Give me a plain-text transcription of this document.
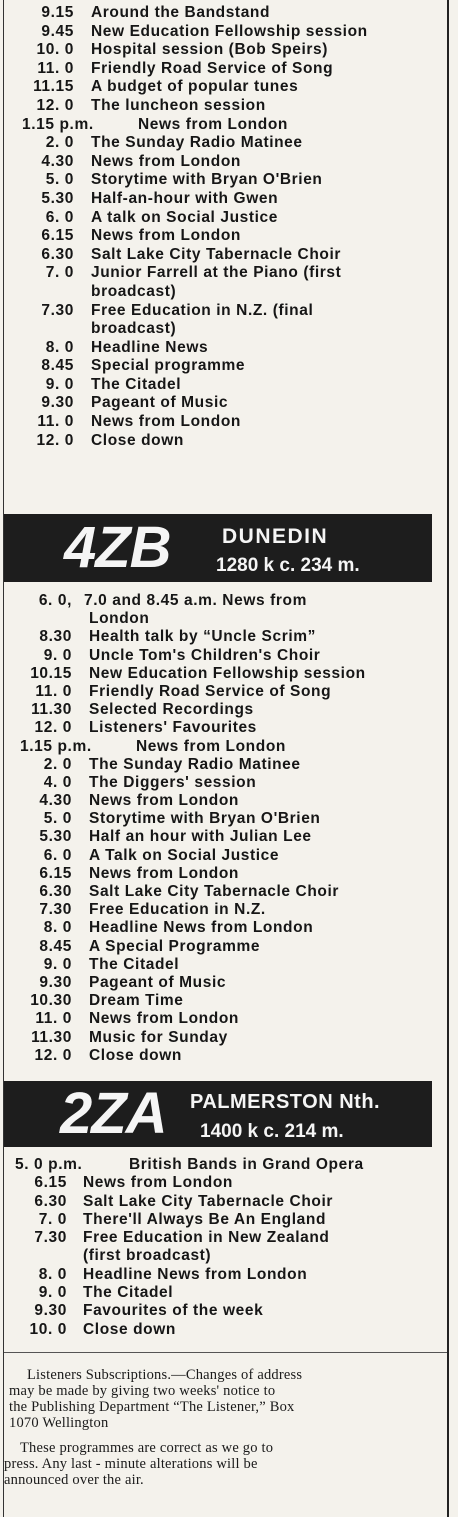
9.15 Around the Bandstand
9.45 New Education Fellowship session
10. 0 Hospital session (Bob Speirs)
11. 0 Friendly Road Service of Song
11.15 A budget of popular tunes
12. 0 The luncheon session
1.15 p.m.	News from London
2. 0 The Sunday Radio Matinee
4.30 News from London
5. 0 Storytime with Bryan O'Brien
5.30 Half-an-hour with Gwen
6. 0 A talk on Social Justice
6.15 News from London
6.30 Salt Lake City Tabernacle Choir
7. 0 Junior Farrell at the Piano (first
broadcast)
7.30 Free Education in N.Z. (final
broadcast)
8. 0 Headline News
8.45 Special programme
9. 0 The Citadel
9.30 Pageant of Music
11. 0 News from London
12. 0 Close down
4ZB DUNEDIN
1280 k c. 234 m.
6. 0, 7.0 and 8.45 a.m. News from
London
8.30 Health talk by “Uncle Scrim”
9. 0 Uncle Tom's Children's Choir
10.15 New Education Fellowship session
11. 0 Friendly Road Service of Song
11.30 Selected Recordings
12. 0 Listeners' Favourites
1.15 p.m.	News from London
2. 0 The Sunday Radio Matinee
4. 0 The Diggers' session
4.30 News from London
5. 0 Storytime with Bryan O'Brien
5.30 Half an hour with Julian Lee
6. 0 A Talk on Social Justice
6.15 News from London
6.30 Salt Lake City Tabernacle Choir
7.30 Free Education in N.Z.
8. 0 Headline News from London
8.45 A Special Programme
9. 0 The Citadel
9.30 Pageant of Music
10.30 Dream Time
11. 0 News from London
11.30 Music for Sunday
12. 0 Close down
2ZA PALMERSTON Nth.
1400 k c. 214 m.
5. 0 p.m.	British Bands in Grand Opera
6.15 News from London
6.30 Salt Lake City Tabernacle Choir
7. 0 There'll Always Be An England
7.30 Free Education in New Zealand
(first broadcast)
8. 0 Headline News from London
9. 0 The Citadel
9.30 Favourites of the week
10. 0 Close down
Listeners Subscriptions.—Changes of address
may be made by giving two weeks' notice to
the Publishing Department “The Listener,” Box
1070 Wellington
These programmes are correct as we go to
press. Any last - minute alterations will be
announced over the air.
